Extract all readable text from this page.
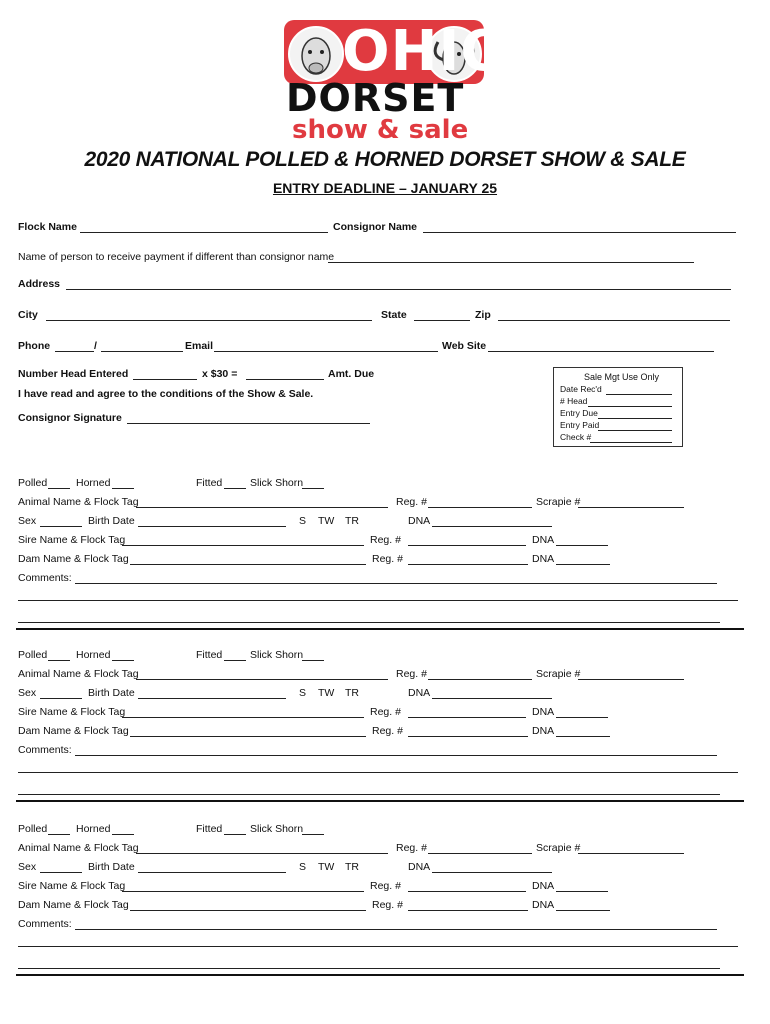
OHIO
DORSET
show & sale
2020 NATIONAL POLLED & HORNED DORSET SHOW & SALE
ENTRY DEADLINE – JANUARY 25
Flock Name	Consignor Name
Name of person to receive payment if different than consignor name
Address
City	State	Zip
Phone	/	Email	Web Site
Number Head Entered	x $30 =	Amt. Due
I have read and agree to the conditions of the Show & Sale.
Consignor Signature
Sale Mgt Use Only
Date Rec'd
# Head
Entry Due
Entry Paid
Check #
Polled	Horned	Fitted	Slick Shorn
Animal Name & Flock Tag	Reg. #	Scrapie #
Sex	Birth Date	S TW TR	DNA
Sire Name & Flock Tag	Reg. #	DNA
Dam Name & Flock Tag	Reg. #	DNA
Comments:
Polled	Horned	Fitted	Slick Shorn
Animal Name & Flock Tag	Reg. #	Scrapie #
Sex	Birth Date	S TW TR	DNA
Sire Name & Flock Tag	Reg. #	DNA
Dam Name & Flock Tag	Reg. #	DNA
Comments:
Polled	Horned	Fitted	Slick Shorn
Animal Name & Flock Tag	Reg. #	Scrapie #
Sex	Birth Date	S TW TR	DNA
Sire Name & Flock Tag	Reg. #	DNA
Dam Name & Flock Tag	Reg. #	DNA
Comments:
